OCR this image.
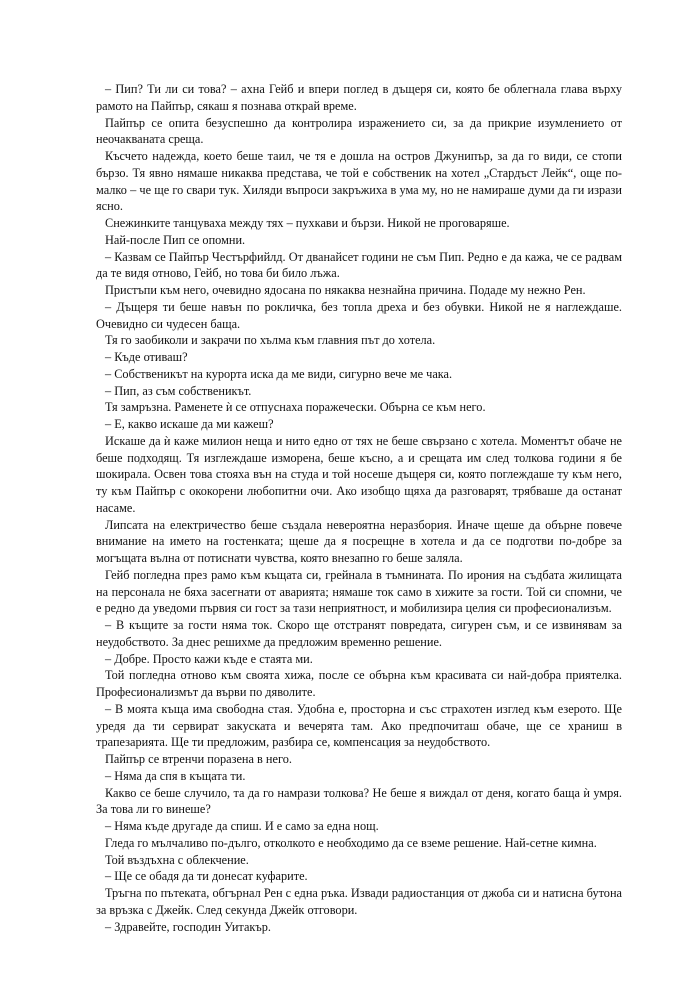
– Пип? Ти ли си това? – ахна Гейб и впери поглед в дъщеря си, която бе облегнала глава върху рамото на Пайпър, сякаш я познава открай време.

Пайпър се опита безуспешно да контролира изражението си, за да прикрие изумлението от неочакваната среща.

Късчето надежда, което беше таил, че тя е дошла на остров Джунипър, за да го види, се стопи бързо. Тя явно нямаше никаква представа, че той е собственик на хотел „Стардъст Лейк“, още по-малко – че ще го свари тук. Хиляди въпроси закръжиха в ума му, но не намираше думи да ги изрази ясно.

Снежинките танцуваха между тях – пухкави и бързи. Никой не проговаряше.

Най-после Пип се опомни.

– Казвам се Пайпър Честърфийлд. От дванайсет години не съм Пип. Редно е да кажа, че се радвам да те видя отново, Гейб, но това би било лъжа.

Пристъпи към него, очевидно ядосана по някаква незнайна причина. Подаде му нежно Рен.

– Дъщеря ти беше навън по рокличка, без топла дреха и без обувки. Никой не я наглеждаше. Очевидно си чудесен баща.

Тя го заобиколи и закрачи по хълма към главния път до хотела.

– Къде отиваш?

– Собственикът на курорта иска да ме види, сигурно вече ме чака.

– Пип, аз съм собственикът.

Тя замръзна. Раменете ѝ се отпуснаха поражечески. Обърна се към него.

– Е, какво искаше да ми кажеш?

Искаше да ѝ каже милион неща и нито едно от тях не беше свързано с хотела. Моментът обаче не беше подходящ. Тя изглеждаше изморена, беше късно, а и срещата им след толкова години я бе шокирала. Освен това стояха вън на студа и той носеше дъщеря си, която поглеждаше ту към него, ту към Пайпър с ококорени любопитни очи. Ако изобщо щяха да разговарят, трябваше да останат насаме.

Липсата на електричество беше създала невероятна неразбория. Иначе щеше да обърне повече внимание на името на гостенката; щеше да я посрещне в хотела и да се подготви по-добре за могъщата вълна от потиснати чувства, която внезапно го беше заляла.

Гейб погледна през рамо към къщата си, грейнала в тъмнината. По ирония на съдбата жилищата на персонала не бяха засегнати от аварията; нямаше ток само в хижите за гости. Той си спомни, че е редно да уведоми първия си гост за тази неприятност, и мобилизира целия си професионализъм.

– В къщите за гости няма ток. Скоро ще отстранят повредата, сигурен съм, и се извинявам за неудобството. За днес решихме да предложим временно решение.

– Добре. Просто кажи къде е стаята ми.

Той погледна отново към своята хижа, после се обърна към красивата си най-добра приятелка. Професионализмът да върви по дяволите.

– В моята къща има свободна стая. Удобна е, просторна и със страхотен изглед към езерото. Ще уредя да ти сервират закуската и вечерята там. Ако предпочиташ обаче, ще се храниш в трапезарията. Ще ти предложим, разбира се, компенсация за неудобството.

Пайпър се втренчи поразена в него.

– Няма да спя в къщата ти.

Какво се беше случило, та да го намрази толкова? Не беше я виждал от деня, когато баща ѝ умря. За това ли го винеше?

– Няма къде другаде да спиш. И е само за една нощ.

Гледа го мълчаливо по-дълго, отколкото е необходимо да се вземе решение. Най-сетне кимна.

Той въздъхна с облекчение.

– Ще се обадя да ти донесат куфарите.

Тръгна по пътеката, обгърнал Рен с една ръка. Извади радиостанция от джоба си и натисна бутона за връзка с Джейк. След секунда Джейк отговори.

– Здравейте, господин Уитакър.
